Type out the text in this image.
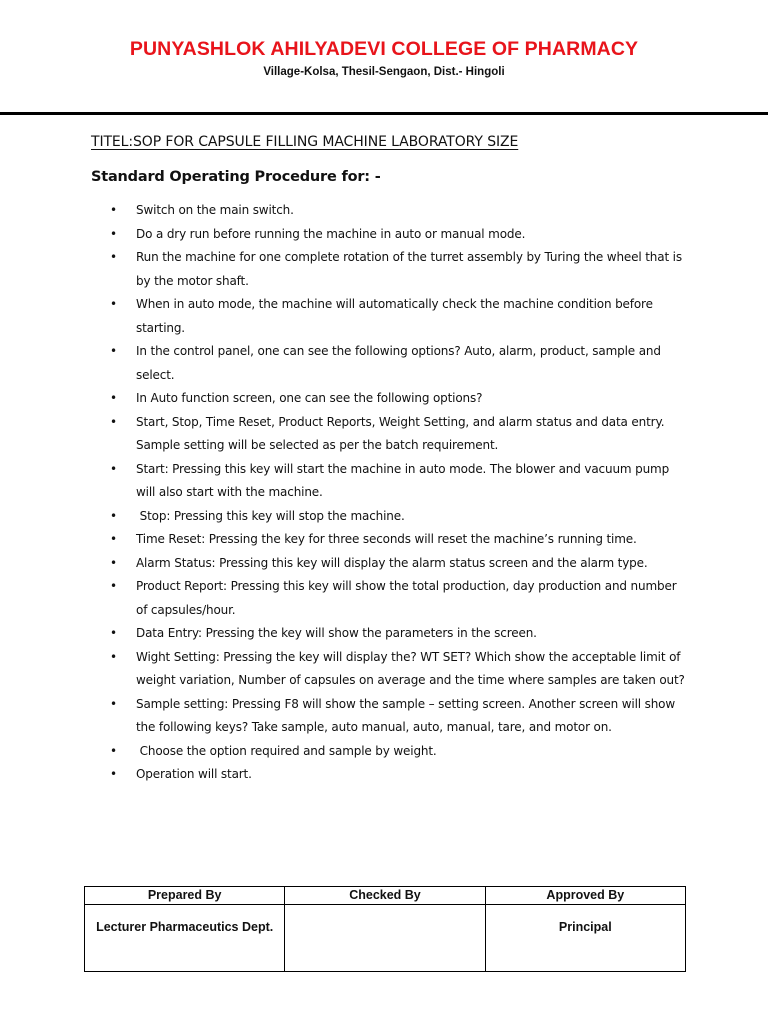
PUNYASHLOK AHILYADEVI COLLEGE OF PHARMACY
Village-Kolsa, Thesil-Sengaon, Dist.- Hingoli
TITEL:SOP FOR CAPSULE FILLING MACHINE LABORATORY SIZE
Standard Operating Procedure for: -
• Switch on the main switch.
• Do a dry run before running the machine in auto or manual mode.
• Run the machine for one complete rotation of the turret assembly by Turing the wheel that is by the motor shaft.
• When in auto mode, the machine will automatically check the machine condition before starting.
• In the control panel, one can see the following options? Auto, alarm, product, sample and select.
• In Auto function screen, one can see the following options?
• Start, Stop, Time Reset, Product Reports, Weight Setting, and alarm status and data entry. Sample setting will be selected as per the batch requirement.
• Start: Pressing this key will start the machine in auto mode. The blower and vacuum pump will also start with the machine.
•  Stop: Pressing this key will stop the machine.
• Time Reset: Pressing the key for three seconds will reset the machine’s running time.
• Alarm Status: Pressing this key will display the alarm status screen and the alarm type.
• Product Report: Pressing this key will show the total production, day production and number of capsules/hour.
• Data Entry: Pressing the key will show the parameters in the screen.
• Wight Setting: Pressing the key will display the? WT SET? Which show the acceptable limit of weight variation, Number of capsules on average and the time where samples are taken out?
• Sample setting: Pressing F8 will show the sample – setting screen. Another screen will show the following keys? Take sample, auto manual, auto, manual, tare, and motor on.
•  Choose the option required and sample by weight.
• Operation will start.
Prepared By	Checked By	Approved By
Lecturer Pharmaceutics Dept.		Principal
